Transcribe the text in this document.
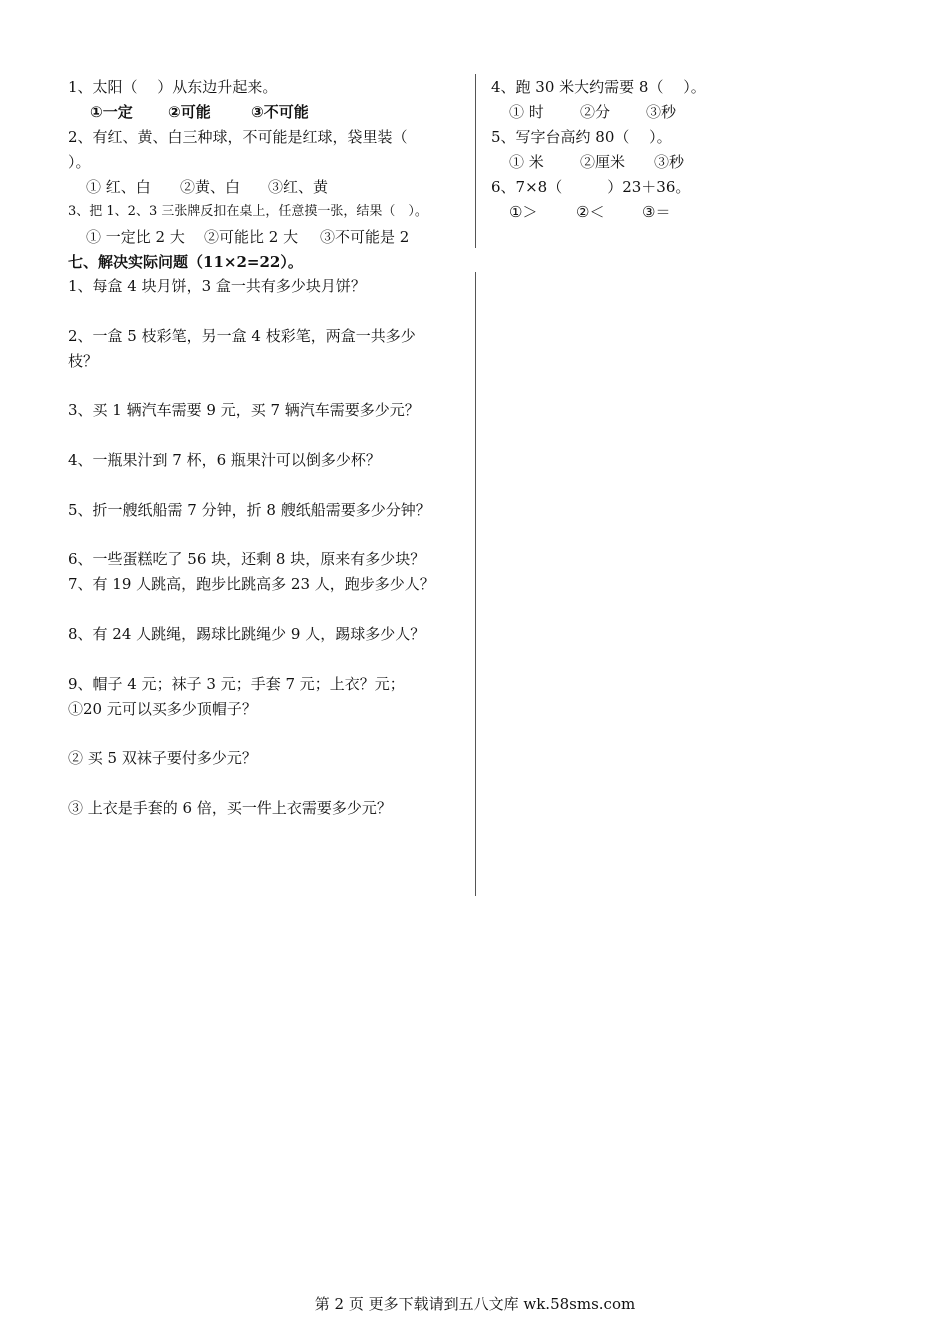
1、太阳（　 ）从东边升起来。
①一定 ②可能	③不可能
2、有红、黄、白三种球，不可能是红球，袋里装（
）。
① 红、白 ②黄、白 ③红、黄
3、把 1、2、3 三张牌反扣在桌上，任意摸一张，结果（　）。
① 一定比 2 大 ②可能比 2 大 ③不可能是 2
七、解决实际问题（11×2=22）。
1、每盒 4 块月饼，3 盒一共有多少块月饼？
2、一盒 5 枝彩笔，另一盒 4 枝彩笔，两盒一共多少
枝？
3、买 1 辆汽车需要 9 元，买 7 辆汽车需要多少元？
4、一瓶果汁到 7 杯，6 瓶果汁可以倒多少杯？
5、折一艘纸船需 7 分钟，折 8 艘纸船需要多少分钟？
6、一些蛋糕吃了 56 块，还剩 8 块，原来有多少块？
7、有 19 人跳高，跑步比跳高多 23 人，跑步多少人？
8、有 24 人跳绳，踢球比跳绳少 9 人，踢球多少人？
9、帽子 4 元；袜子 3 元；手套 7 元；上衣？元；
①20 元可以买多少顶帽子？
② 买 5 双袜子要付多少元？
③ 上衣是手套的 6 倍，买一件上衣需要多少元？
4、跑 30 米大约需要 8（　 ）。
① 时 ②分 ③秒
5、写字台高约 80（　 ）。
① 米 ②厘米 ③秒
6、7×8（　　　）23＋36。
①＞	②＜	③＝
第 2 页 更多下载请到五八文库 wk.58sms.com
